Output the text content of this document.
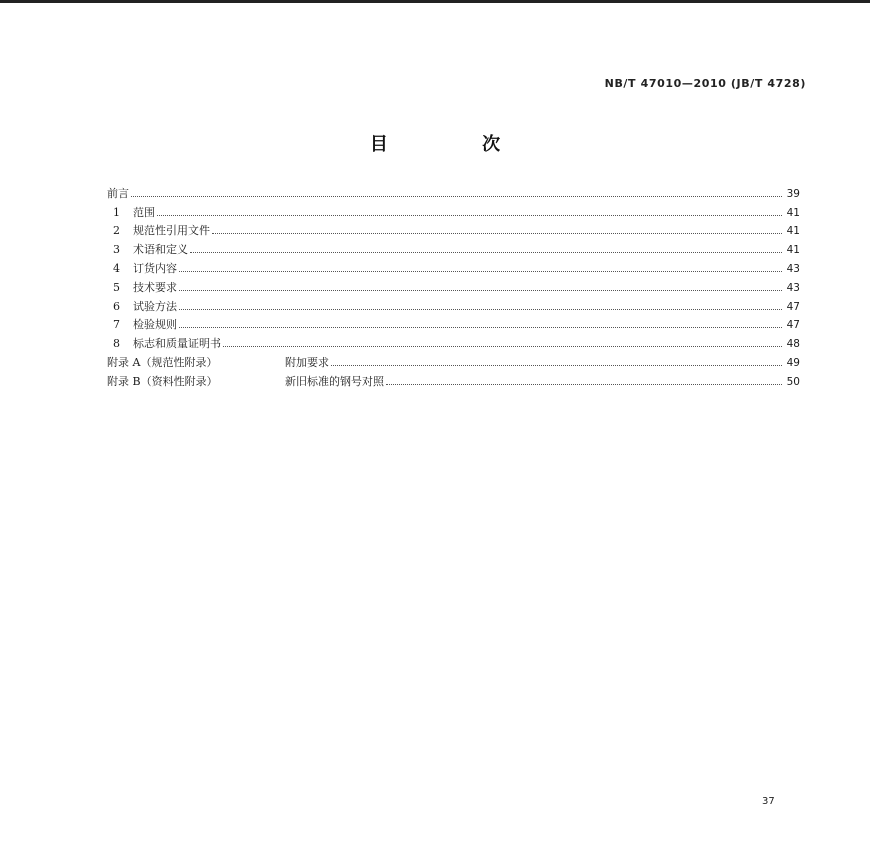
NB/T 47010—2010 (JB/T 4728)
目 次
前言	39
1	范围	41
2	规范性引用文件	41
3	术语和定义	41
4	订货内容	43
5	技术要求	43
6	试验方法	47
7	检验规则	47
8	标志和质量证明书	48
附录 A（规范性附录）	附加要求	49
附录 B（资料性附录）	新旧标准的钢号对照	50
37
